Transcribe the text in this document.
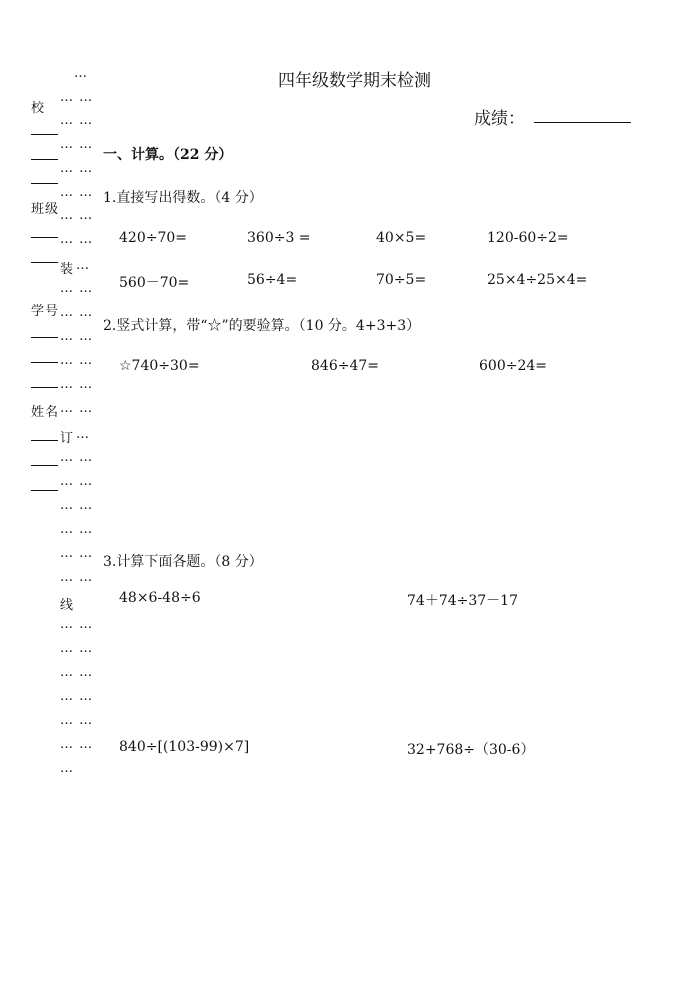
…
校
… …
… …
… …
… …
… …
班级 … …
… …
装 …
… …
学号 … …
… …
… …
… …
姓名 … …
订 …
… …
… …
… …
… …
… …
… …
线
… …
… …
… …
… …
… …
… …
…
四年级数学期末检测
成绩：
一、计算。（22 分）
1.直接写出得数。（4 分）
420÷70=	360÷3 =	40×5=	120-60÷2=
560－70=	56÷4=	70÷5=	25×4÷25×4=
2.竖式计算，带“☆”的要验算。（10 分。4+3+3）
☆740÷30=	846÷47=	600÷24=
3.计算下面各题。（8 分）
48×6-48÷6	74＋74÷37－17
840÷[(103-99)×7]	32+768÷（30-6）
